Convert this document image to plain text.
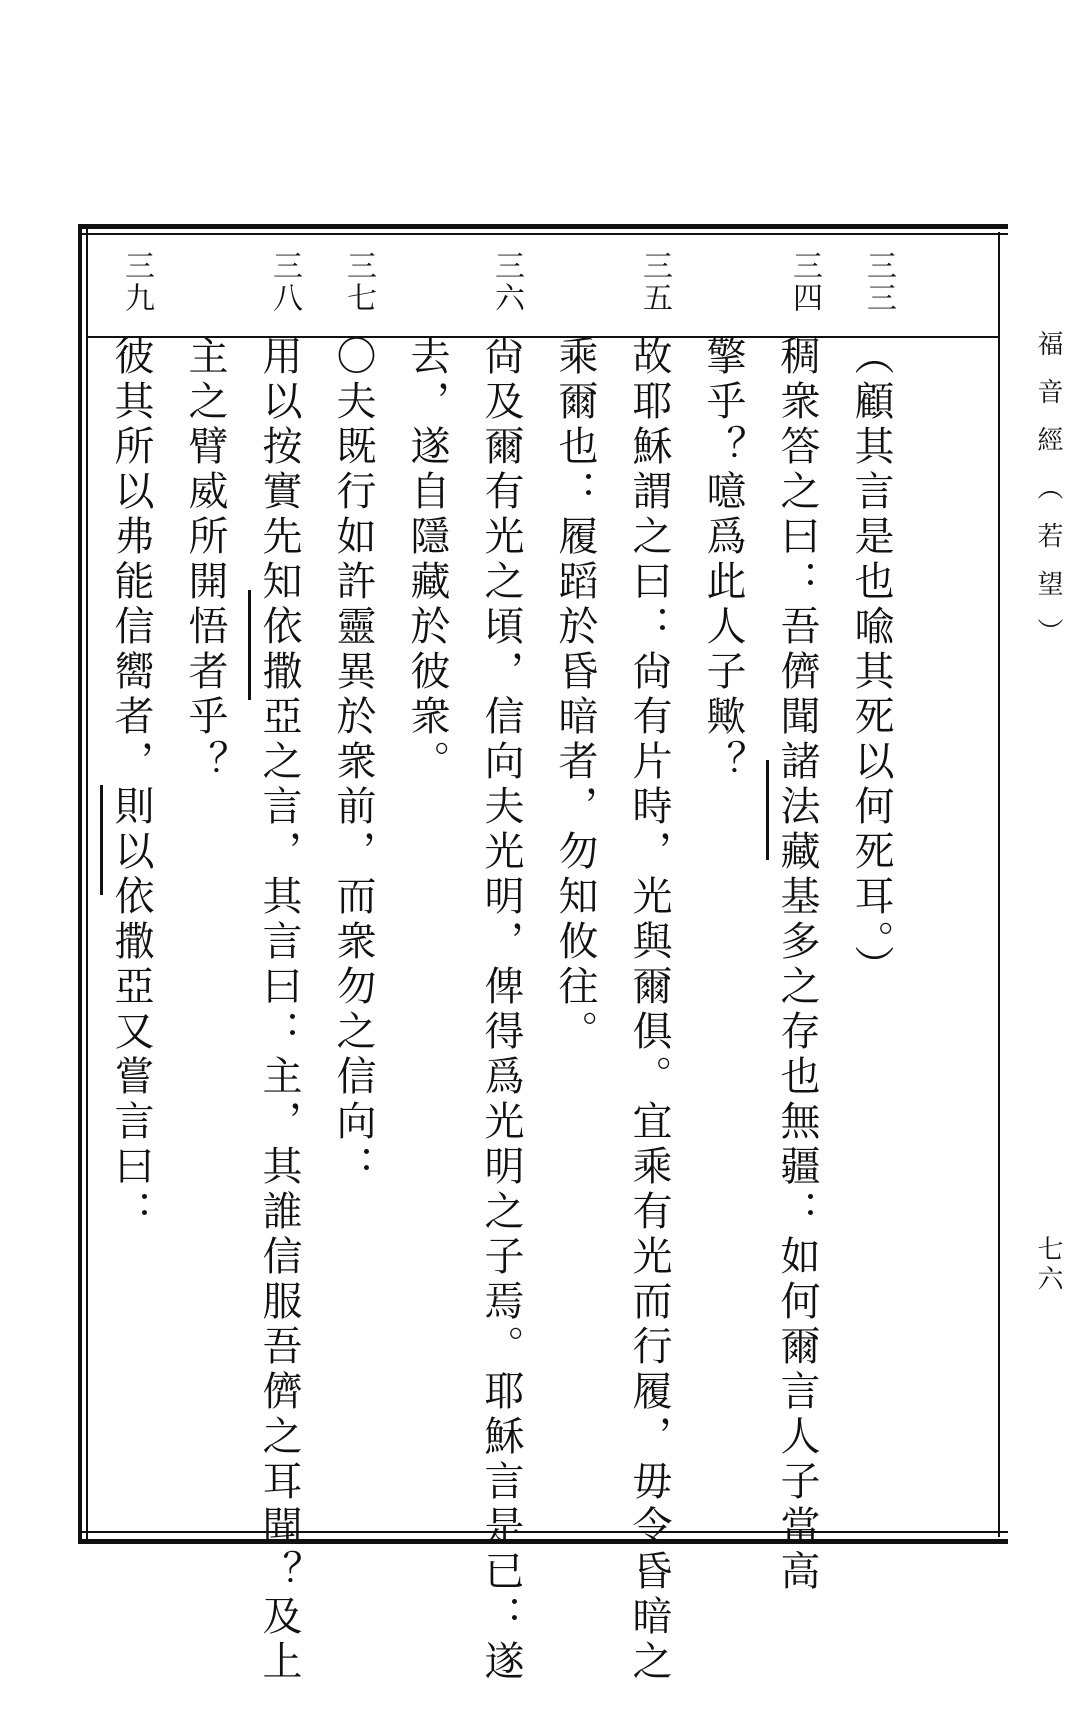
三三
三四
三五
三六
三七
三八
三九
（顧其言是也喩其死以何死耳。）
稠衆答之曰：吾儕聞諸法藏基多之存也無疆：如何爾言人子當高
擎乎？噫爲此人子歟？
故耶穌謂之曰：尙有片時，光與爾俱。宜乘有光而行履，毋令昏暗之
乘爾也：履蹈於昏暗者，勿知攸往。
尙及爾有光之頃，信向夫光明，俾得爲光明之子焉。耶穌言是已：遂
去，遂自隱藏於彼衆。
〇夫既行如許靈異於衆前，而衆勿之信向：
用以按實先知依撒亞之言，其言曰：主，其誰信服吾儕之耳聞？及上
主之臂威所開悟者乎？
彼其所以弗能信嚮者，則以依撒亞又嘗言曰：	福音經（若望）
七六
